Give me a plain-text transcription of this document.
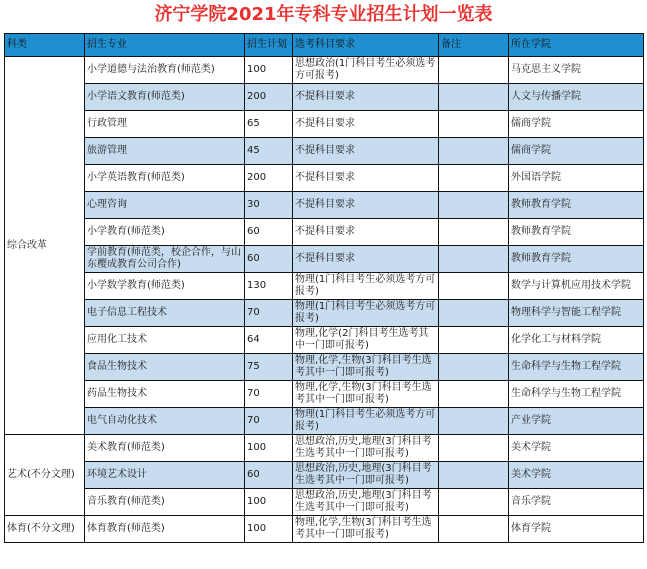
济宁学院2021年专科专业招生计划一览表
科类	招生专业	招生计划	选考科目要求	备注	所在学院
综合改革	小学道德与法治教育(师范类)	100	思想政治(1门科目考生必须选考方可报考)		马克思主义学院
	小学语文教育(师范类)	200	不提科目要求		人文与传播学院
	行政管理	65	不提科目要求		儒商学院
	旅游管理	45	不提科目要求		儒商学院
	小学英语教育(师范类)	200	不提科目要求		外国语学院
	心理咨询	30	不提科目要求		教师教育学院
	小学教育(师范类)	60	不提科目要求		教师教育学院
	学前教育(师范类，校企合作，与山东樱成教育公司合作)	60	不提科目要求		教师教育学院
	小学数学教育(师范类)	130	物理(1门科目考生必须选考方可报考)		数学与计算机应用技术学院
	电子信息工程技术	70	物理(1门科目考生必须选考方可报考)		物理科学与智能工程学院
	应用化工技术	64	物理,化学(2门科目考生选考其中一门即可报考)		化学化工与材料学院
	食品生物技术	75	物理,化学,生物(3门科目考生选考其中一门即可报考)		生命科学与生物工程学院
	药品生物技术	70	物理,化学,生物(3门科目考生选考其中一门即可报考)		生命科学与生物工程学院
	电气自动化技术	70	物理(1门科目考生必须选考方可报考)		产业学院
艺术(不分文理)	美术教育(师范类)	100	思想政治,历史,地理(3门科目考生选考其中一门即可报考)		美术学院
	环境艺术设计	60	思想政治,历史,地理(3门科目考生选考其中一门即可报考)		美术学院
	音乐教育(师范类)	100	思想政治,历史,地理(3门科目考生选考其中一门即可报考)		音乐学院
体育(不分文理)	体育教育(师范类)	100	物理,化学,生物(3门科目考生选考其中一门即可报考)		体育学院
